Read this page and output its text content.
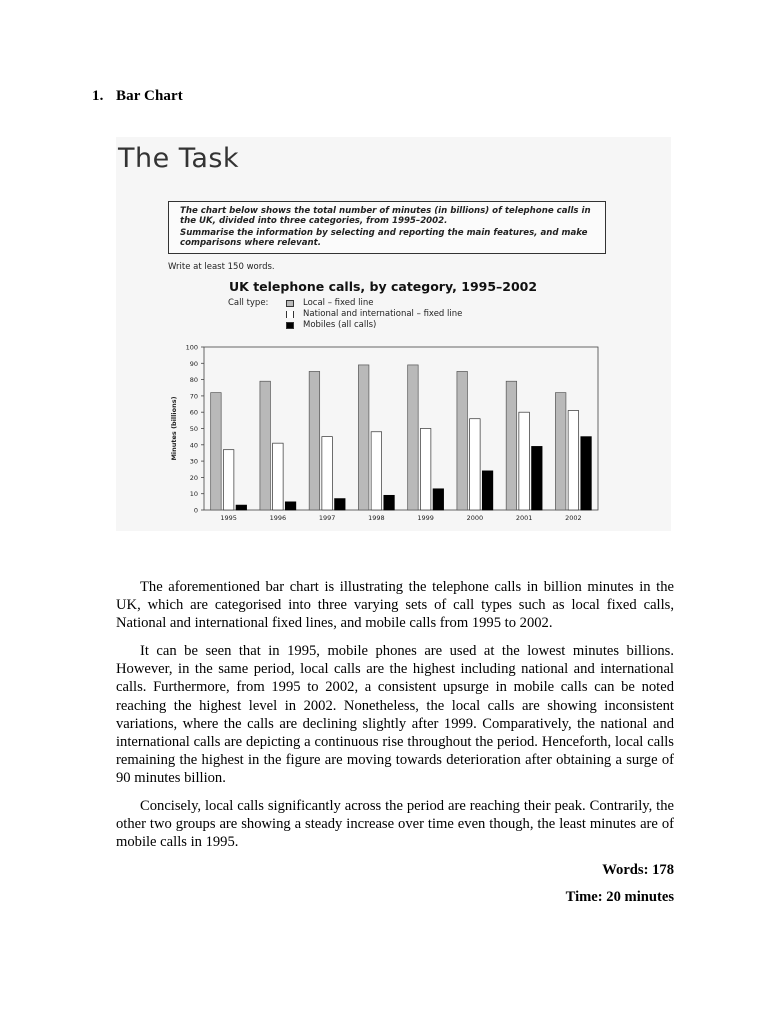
1. Bar Chart
The Task

The chart below shows the total number of minutes (in billions) of telephone calls in the UK, divided into three categories, from 1995–2002.

Summarise the information by selecting and reporting the main features, and make comparisons where relevant.

Write at least 150 words.
UK telephone calls, by category, 1995–2002
Call type:	Local – fixed line
National and international – fixed line
Mobiles (all calls)
0
10
20
30
40
50
60
70
80
90
100
Minutes (billions)
1995	1996	1997	1998	1999	2000	2001	2002

The aforementioned bar chart is illustrating the telephone calls in billion minutes in the UK, which are categorised into three varying sets of call types such as local fixed calls, National and international fixed lines, and mobile calls from 1995 to 2002.

It can be seen that in 1995, mobile phones are used at the lowest minutes billions. However, in the same period, local calls are the highest including national and international calls. Furthermore, from 1995 to 2002, a consistent upsurge in mobile calls can be noted reaching the highest level in 2002. Nonetheless, the local calls are showing inconsistent variations, where the calls are declining slightly after 1999. Comparatively, the national and international calls are depicting a continuous rise throughout the period. Henceforth, local calls remaining the highest in the figure are moving towards deterioration after obtaining a surge of 90 minutes billion.

Concisely, local calls significantly across the period are reaching their peak. Contrarily, the other two groups are showing a steady increase over time even though, the least minutes are of mobile calls in 1995.

Words: 178
Time: 20 minutes
